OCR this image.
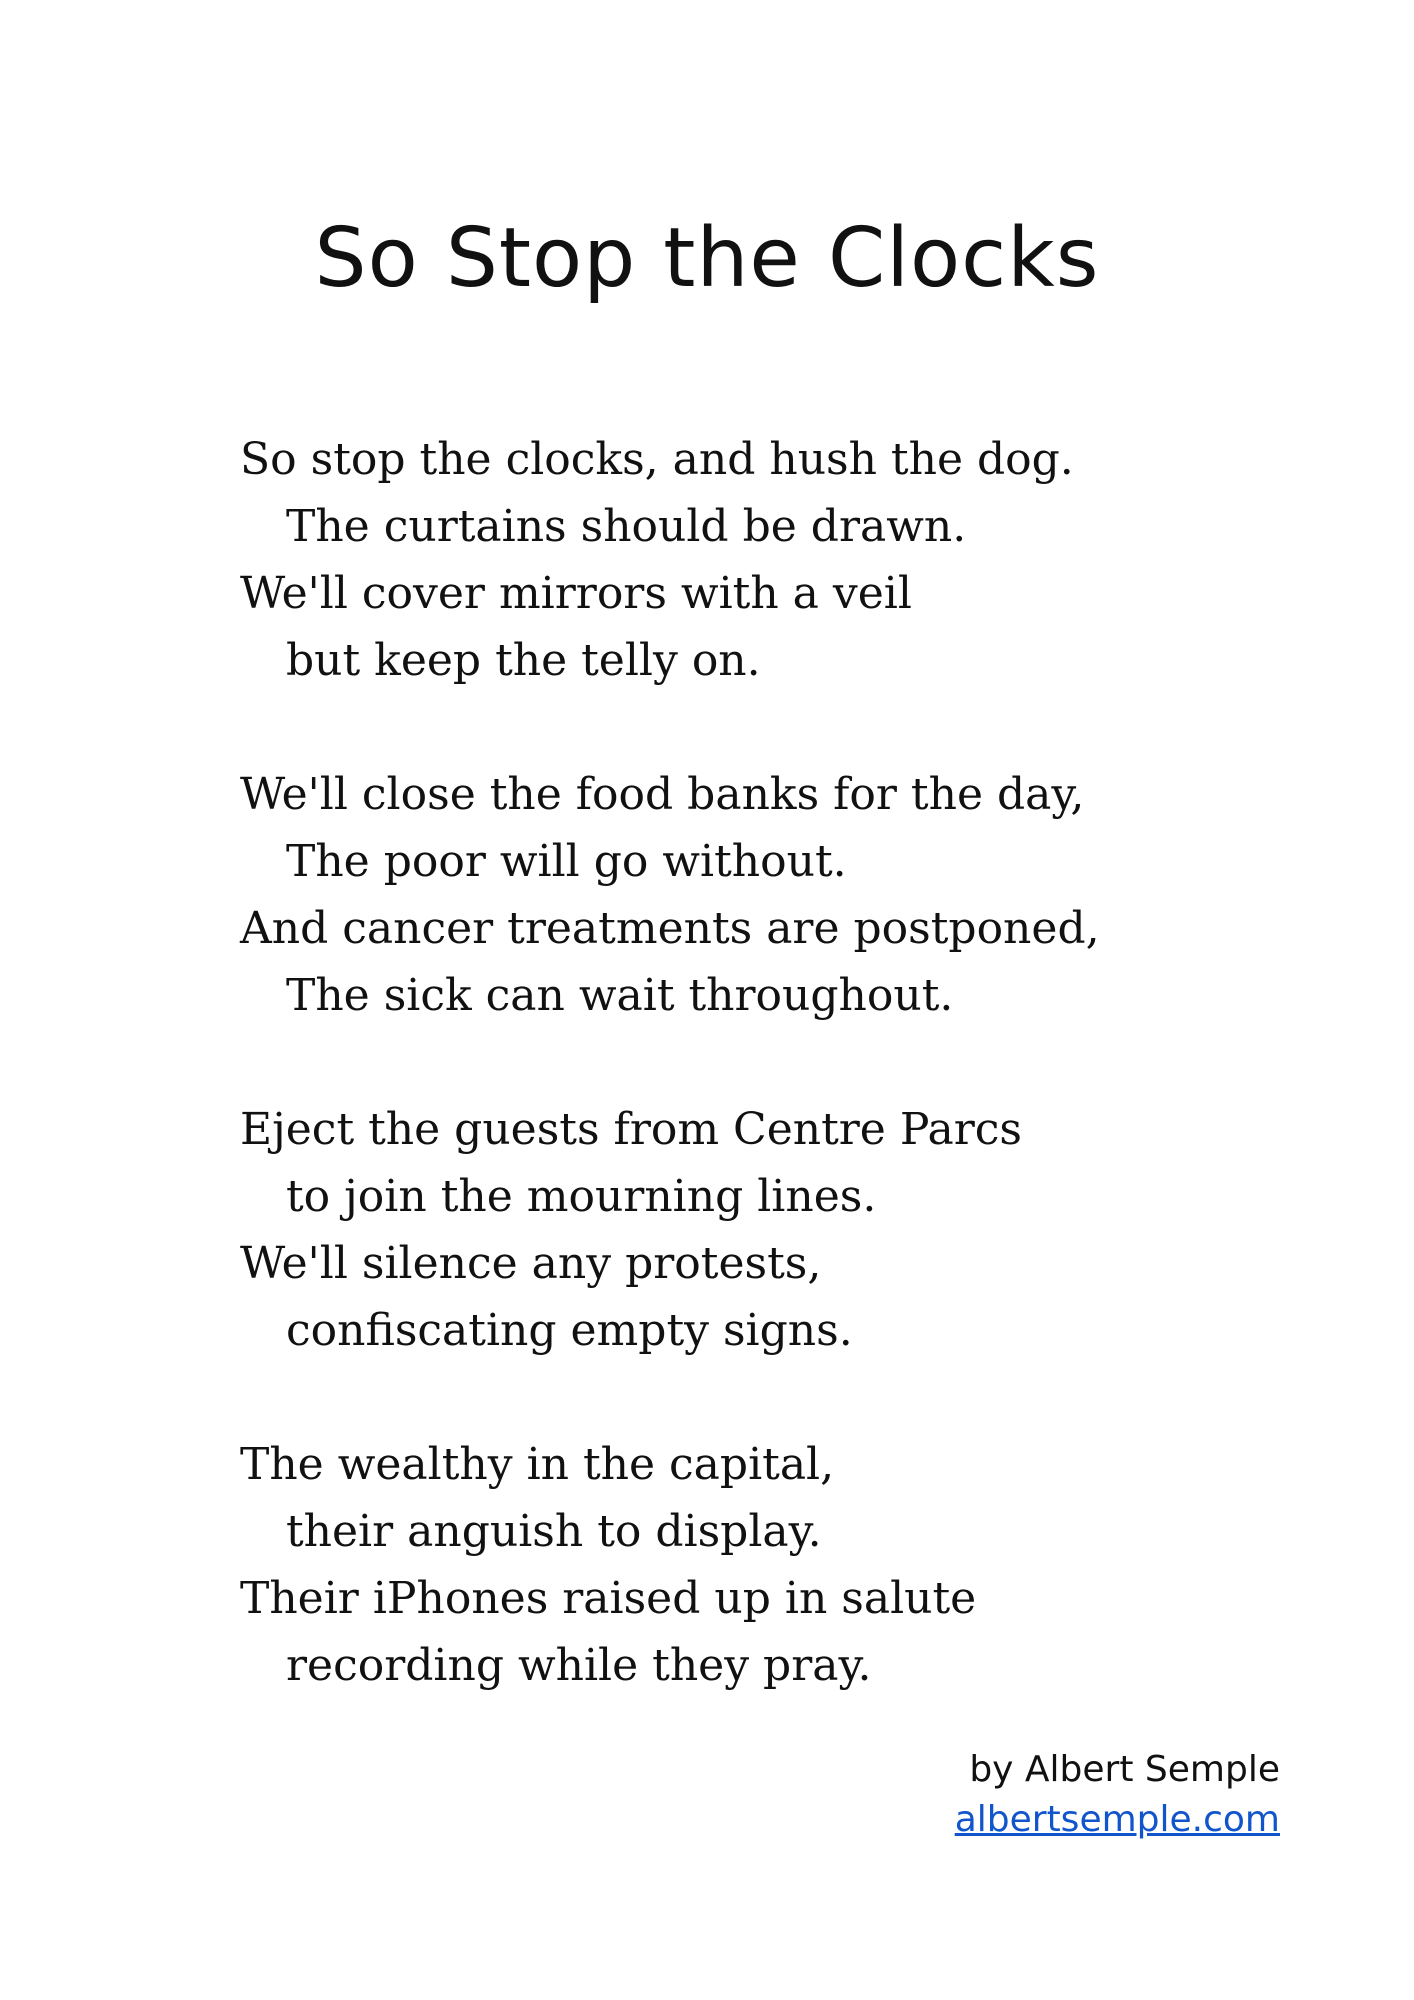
So Stop the Clocks
So stop the clocks, and hush the dog.
The curtains should be drawn.
We'll cover mirrors with a veil
but keep the telly on.
We'll close the food banks for the day,
The poor will go without.
And cancer treatments are postponed,
The sick can wait throughout.
Eject the guests from Centre Parcs
to join the mourning lines.
We'll silence any protests,
confiscating empty signs.
The wealthy in the capital,
their anguish to display.
Their iPhones raised up in salute
recording while they pray.
by Albert Semple
albertsemple.com
